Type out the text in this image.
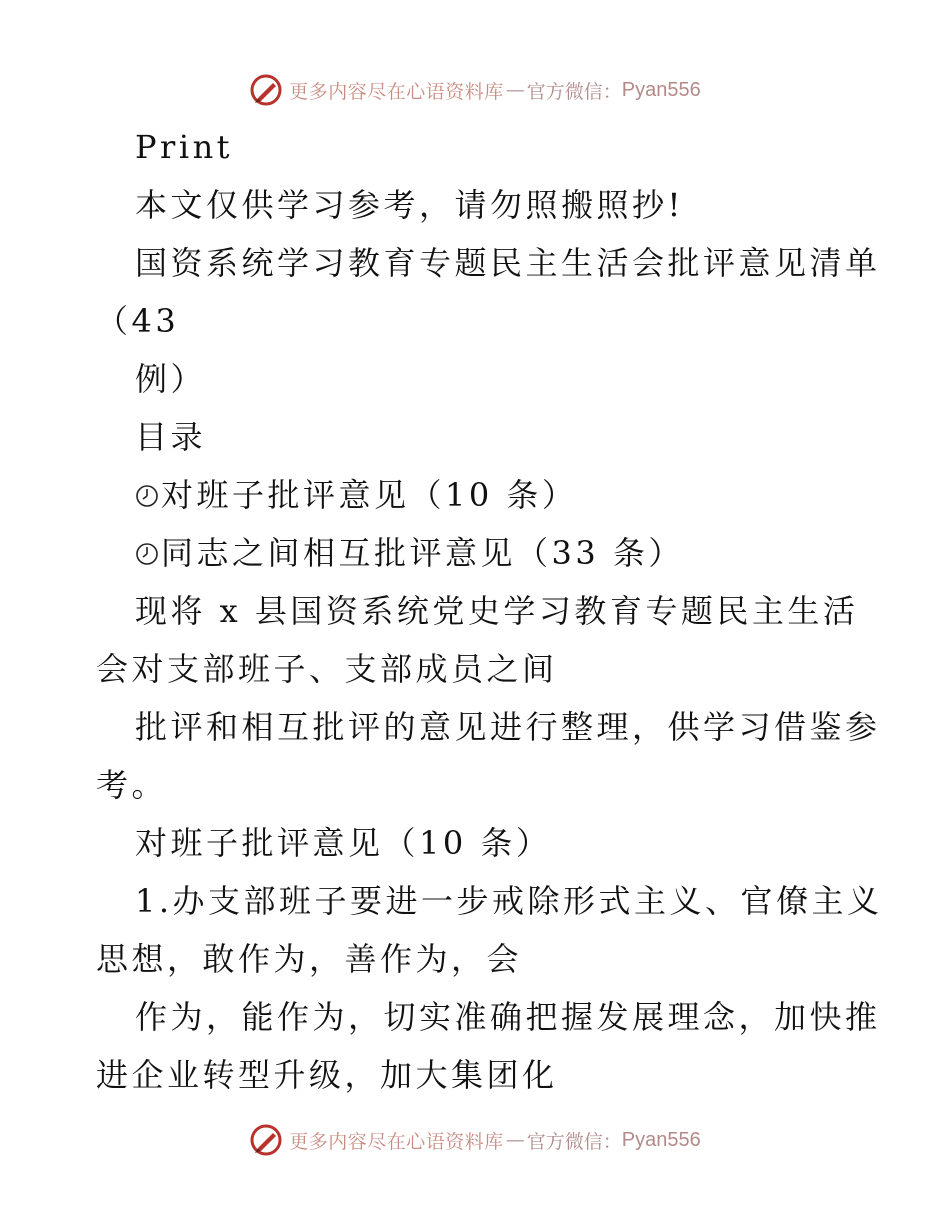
更多内容尽在心语资料库 — 官方微信： Pyan556
Print
本文仅供学习参考，请勿照搬照抄!
国资系统学习教育专题民主生活会批评意见清单
（43
例）
目录
对班子批评意见（10 条）
同志之间相互批评意见（33 条）
现将 x 县国资系统党史学习教育专题民主生活
会对支部班子、支部成员之间
批评和相互批评的意见进行整理，供学习借鉴参
考。
对班子批评意见（10 条）
1.办支部班子要进一步戒除形式主义、官僚主义
思想，敢作为，善作为，会
作为，能作为，切实准确把握发展理念，加快推
进企业转型升级，加大集团化
更多内容尽在心语资料库 — 官方微信： Pyan556
